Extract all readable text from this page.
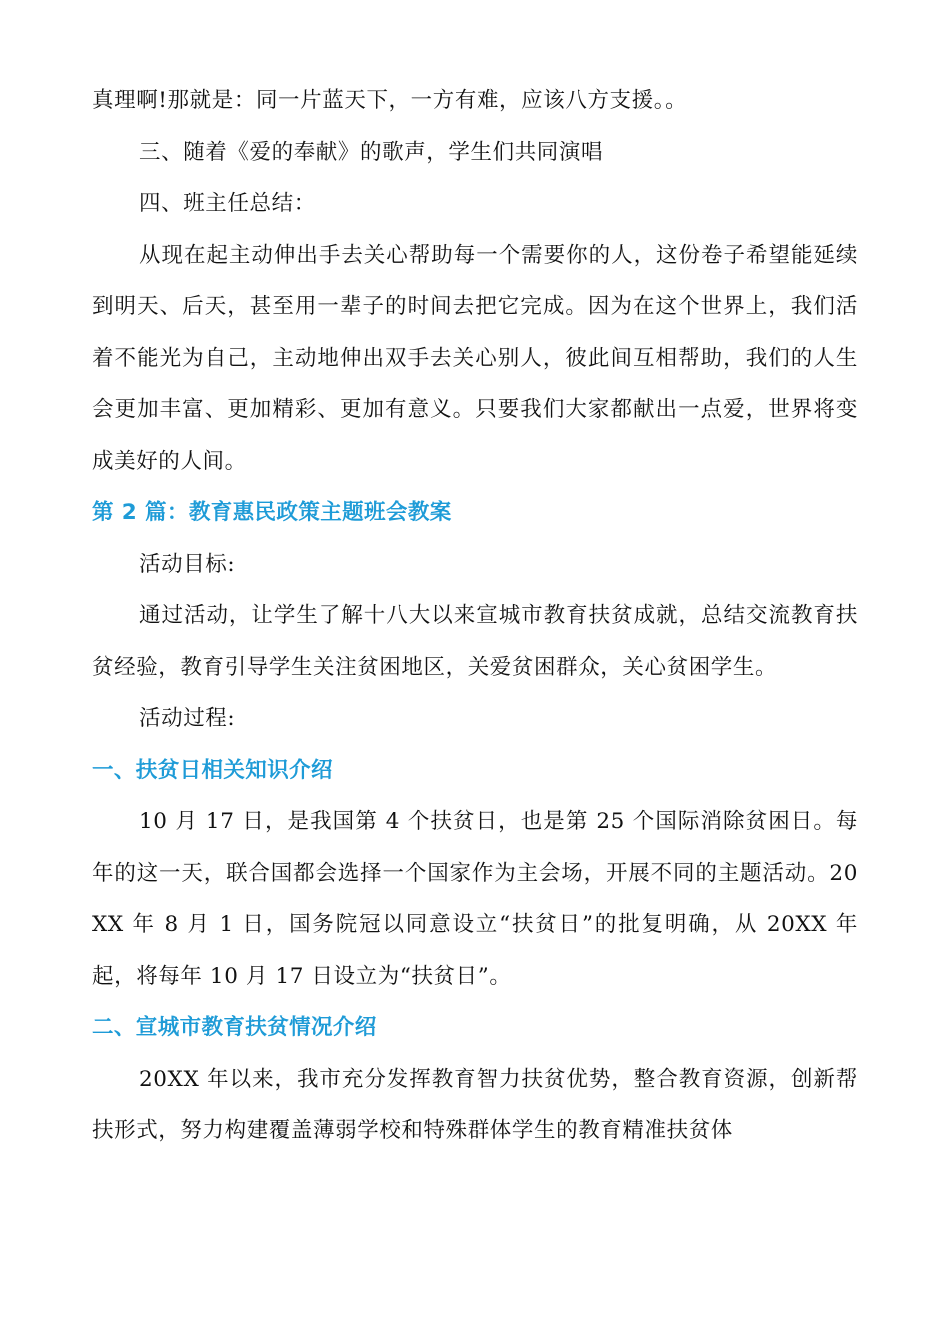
真理啊!那就是：同一片蓝天下，一方有难，应该八方支援。。

三、随着《爱的奉献》的歌声，学生们共同演唱

四、班主任总结：

从现在起主动伸出手去关心帮助每一个需要你的人，这份卷子希望能延续到明天、后天，甚至用一辈子的时间去把它完成。因为在这个世界上，我们活着不能光为自己，主动地伸出双手去关心别人，彼此间互相帮助，我们的人生会更加丰富、更加精彩、更加有意义。只要我们大家都献出一点爱，世界将变成美好的人间。

第 2 篇：教育惠民政策主题班会教案

活动目标:

通过活动，让学生了解十八大以来宣城市教育扶贫成就，总结交流教育扶贫经验，教育引导学生关注贫困地区，关爱贫困群众，关心贫困学生。

活动过程:

一、扶贫日相关知识介绍

10 月 17 日，是我国第 4 个扶贫日，也是第 25 个国际消除贫困日。每年的这一天，联合国都会选择一个国家作为主会场，开展不同的主题活动。20XX 年 8 月 1 日，国务院冠以同意设立“扶贫日”的批复明确，从 20XX 年起，将每年 10 月 17 日设立为“扶贫日”。

二、宣城市教育扶贫情况介绍

20XX 年以来，我市充分发挥教育智力扶贫优势，整合教育资源，创新帮扶形式，努力构建覆盖薄弱学校和特殊群体学生的教育精准扶贫体
